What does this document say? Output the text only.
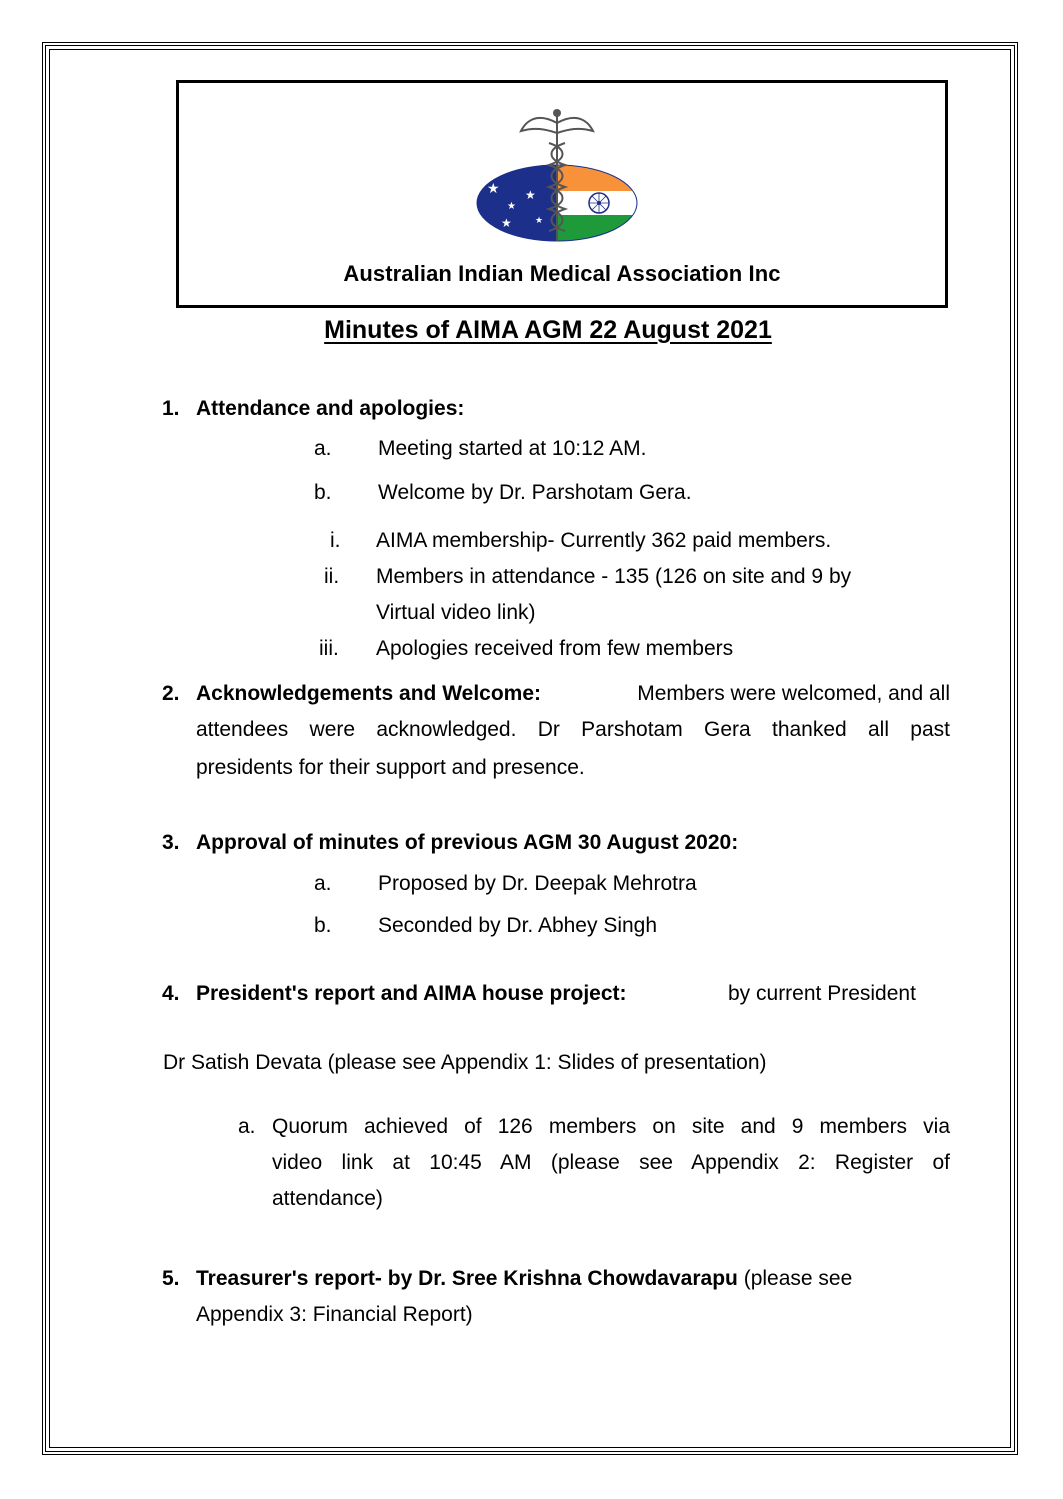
★
★
★
★	★
Australian Indian Medical Association Inc
Minutes of AIMA AGM 22 August 2021
1. Attendance and apologies:
a. Meeting started at 10:12 AM.
b. Welcome by Dr. Parshotam Gera.
i. AIMA membership- Currently 362 paid members.
ii. Members in attendance - 135 (126 on site and 9 by
Virtual video link)
iii. Apologies received from few members
2. Acknowledgements and Welcome:	Members were welcomed, and all
attendees were acknowledged. Dr Parshotam Gera thanked all past
presidents for their support and presence.
3. Approval of minutes of previous AGM 30 August 2020:
a. Proposed by Dr. Deepak Mehrotra
b. Seconded by Dr. Abhey Singh
4. President's report and AIMA house project:	by current President
Dr Satish Devata (please see Appendix 1: Slides of presentation)
a. Quorum achieved of 126 members on site and 9 members via
video link at 10:45 AM (please see Appendix 2: Register of
attendance)
5. Treasurer's report- by Dr. Sree Krishna Chowdavarapu (please see
Appendix 3: Financial Report)
